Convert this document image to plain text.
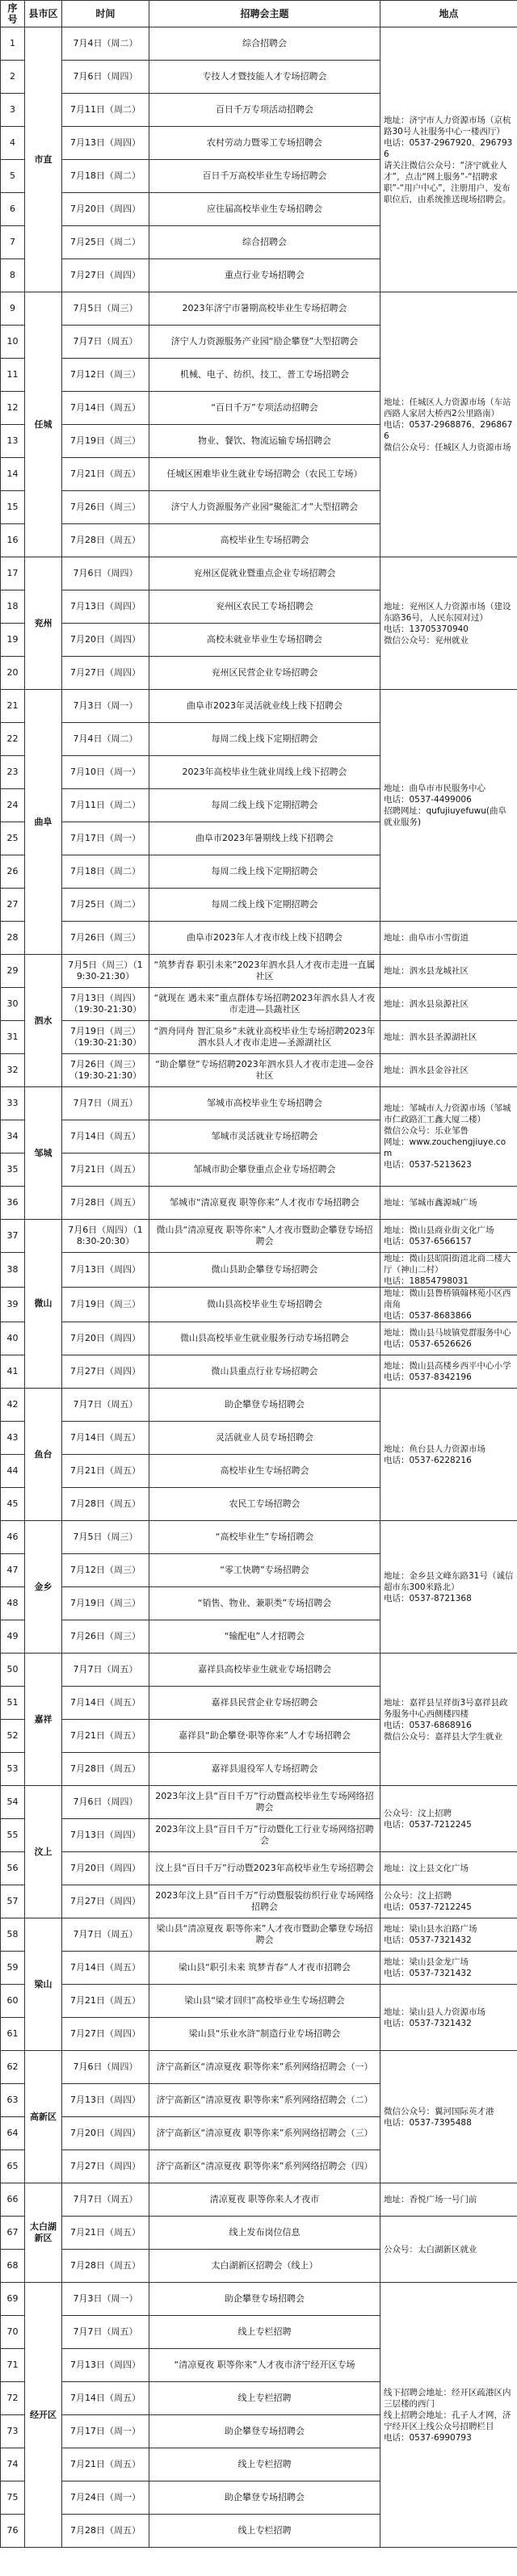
序号	县市区	时间	招聘会主题	地点
1	市直	7月4日（周二）	综合招聘会	地址：济宁市人力资源市场（京杭路30号人社服务中心一楼西厅）
电话：0537-2967920、2967936
请关注微信公众号：“济宁就业人才”，点击“网上服务”-“招聘求职”-“用户中心”，注册用户、发布职位后，由系统推送现场招聘会。
2		7月6日（周四）	专技人才暨技能人才专场招聘会	
3		7月11日（周二）	百日千万专项活动招聘会	
4		7月13日（周四）	农村劳动力暨零工专场招聘会	
5		7月18日（周二）	百日千万高校毕业生专场招聘会	
6		7月20日（周四）	应往届高校毕业生专场招聘会	
7		7月25日（周二）	综合招聘会	
8		7月27日（周四）	重点行业专场招聘会	
9	任城	7月5日（周三）	2023年济宁市暑期高校毕业生专场招聘会	地址：任城区人力资源市场（车站西路人家居大桥西2公里路南）
电话：0537-2968876、2968676
微信公众号：任城区人力资源市场
10		7月7日（周五）	济宁人力资源服务产业园“励企攀登”大型招聘会	
11		7月12日（周三）	机械、电子、纺织、技工、普工专场招聘会	
12		7月14日（周五）	“百日千万”专项活动招聘会	
13		7月19日（周三）	物业、餐饮、物流运输专场招聘会	
14		7月21日（周五）	任城区困难毕业生就业专场招聘会（农民工专场）	
15		7月26日（周三）	济宁人力资源服务产业园“聚能汇才”大型招聘会	
16		7月28日（周五）	高校毕业生专场招聘会	
17	兖州	7月6日（周四）	兖州区促就业暨重点企业专场招聘会	地址：兖州区人力资源市场（建设东路36号，人民东园对过）
电话：13705370940
微信公众号：兖州就业
18		7月13日（周四）	兖州区农民工专场招聘会	
19		7月20日（周四）	高校未就业毕业生专场招聘会	
20		7月27日（周四）	兖州区民营企业专场招聘会	
21	曲阜	7月3日（周一）	曲阜市2023年灵活就业线上线下招聘会	地址：曲阜市市民服务中心
电话：0537-4499006
招聘网址：qufujiuyefuwu(曲阜就业服务)
22		7月4日（周二）	每周二线上线下定期招聘会	
23		7月10日（周一）	2023年高校毕业生就业周线上线下招聘会	
24		7月11日（周二）	每周二线上线下定期招聘会	
25		7月17日（周一）	曲阜市2023年暑期线上线下招聘会	
26		7月18日（周二）	每周二线上线下定期招聘会	
27		7月25日（周二）	每周二线上线下定期招聘会	
28		7月26日（周三）	曲阜市2023年人才夜市线上线下招聘会	地址：曲阜市小雪街道
29	泗水	7月5日（周三）（19:30-21:30）	“筑梦青春 职引未来”2023年泗水县人才夜市走进一直属社区	地址：泗水县龙城社区
30		7月13日（周四）（19:30-21:30）	“就现在 遇未来”重点群体专场招聘2023年泗水县人才夜市走进—县蔬社区	地址：泗水县泉源社区
31		7月19日（周三）（19:30-21:30）	“泗舟同舟 智汇泉乡”未就业高校毕业生专场招聘2023年泗水县人才夜市走进—圣源湖社区	地址：泗水县圣源湖社区
32		7月26日（周三）（19:30-21:30）	“助企攀登”专场招聘2023年泗水县人才夜市走进—金谷社区	地址：泗水县金谷社区
33	邹城	7月7日（周五）	邹城市高校毕业生专场招聘会	地址：邹城市人力资源市场（邹城市仁政路汇工鑫大厦二楼）
微信公众号：乐业邹鲁
网址：www.zouchengjiuye.com
电话：0537-5213623
34		7月14日（周五）	邹城市灵活就业专场招聘会	
35		7月21日（周五）	邹城市助企攀登重点企业专场招聘会	
36		7月28日（周五）	邹城市“清凉夏夜 职等你来”人才夜市专场招聘会	地址：邹城市鑫源城广场
37	微山	7月6日（周四）（18:30-20:30）	微山县“清凉夏夜 职等你来”人才夜市暨助企攀登专场招聘会	地址：微山县商业街文化广场
电话：0537-6566157
38		7月13日（周四）	微山县助企攀登专场招聘会	地址：微山县昭阳街道北商二楼大厅（神山二村）
电话：18854798031
39		7月19日（周三）	微山县高校毕业生专场招聘会	地址：微山县鲁桥镇翰林苑小区西南角
电话：0537-8683866
40		7月20日（周四）	微山县高校毕业生就业服务行动专场招聘会	地址：微山县马坡镇党群服务中心
电话：0537-6526626
41		7月27日（周四）	微山县重点行业专场招聘会	地址：微山县高楼乡西平中心小学
电话：0537-8342196
42	鱼台	7月7日（周五）	助企攀登专场招聘会	地址：鱼台县人力资源市场
电话：0537-6228216
43		7月14日（周五）	灵活就业人员专场招聘会	
44		7月21日（周五）	高校毕业生专场招聘会	
45		7月28日（周五）	农民工专场招聘会	
46	金乡	7月5日（周三）	“高校毕业生”专场招聘会	地址：金乡县文峰东路31号（诚信超市东300米路北）
电话：0537-8721368
47		7月12日（周三）	“零工快聘”专场招聘会	
48		7月19日（周三）	“销售、物业、兼职类”专场招聘会	
49		7月26日（周三）	“输配电”人才招聘会	
50	嘉祥	7月7日（周五）	嘉祥县高校毕业生就业专场招聘会	地址：嘉祥县呈祥街3号嘉祥县政务服务中心西侧楼四楼
电话：0537-6868916
微信公众号：嘉祥县大学生就业
51		7月14日（周五）	嘉祥县民营企业专场招聘会	
52		7月21日（周五）	嘉祥县“助企攀登·职等你来”人才专场招聘会	
53		7月28日（周五）	嘉祥县退役军人专场招聘会	
54	汶上	7月6日（周四）	2023年汶上县“百日千万”行动暨高校毕业生专场网络招聘会	公众号：汶上招聘
电话：0537-7212245
55		7月13日（周四）	2023年汶上县“百日千万”行动暨化工行业专场网络招聘会	
56		7月20日（周四）	汶上县“百日千万”行动暨2023年高校毕业生专场招聘会	地址：汶上县文化广场
57		7月27日（周四）	2023年汶上县“百日千万”行动暨服装纺织行业专场网络招聘会	公众号：汶上招聘
电话：0537-7212245
58	梁山	7月7日（周五）	梁山县“清凉夏夜 职等你来”人才夜市暨助企攀登专场招聘会	地址：梁山县水泊路广场
电话：0537-7321432
59		7月14日（周五）	梁山县“职引未来 筑梦青春”人才夜市招聘会	地址：梁山县金龙广场
电话：0537-7321432
60		7月21日（周五）	梁山县“梁才回归”高校毕业生专场招聘会	地址：梁山县人力资源市场
电话：0537-7321432
61		7月27日（周四）	梁山县“乐业水浒”制造行业专场招聘会	
62	高新区	7月6日（周四）	济宁高新区“清凉夏夜 职等你来”系列网络招聘会（一）	微信公众号：翼河国际英才港
电话：0537-7395488
63		7月13日（周四）	济宁高新区“清凉夏夜 职等你来”系列网络招聘会（二）	
64		7月20日（周四）	济宁高新区“清凉夏夜 职等你来”系列网络招聘会（三）	
65		7月27日（周四）	济宁高新区“清凉夏夜 职等你来”系列网络招聘会（四）	
66	太白湖新区	7月7日（周五）	清凉夏夜 职等你来人才夜市	地址：香悦广场一号门前
67		7月21日（周五）	线上发布岗位信息	公众号：太白湖新区就业
68		7月28日（周五）	太白湖新区招聘会（线上）	
69	经开区	7月3日（周一）	助企攀登专场招聘会	线下招聘会地址：经开区疏港区内三层楼的西门
线上招聘会地址：孔子人才网，济宁经开区上线公众号招聘栏目
电话：0537-6990793
70		7月7日（周五）	线上专栏招聘	
71		7月13日（周四）	“清凉夏夜 职等你来”人才夜市济宁经开区专场	
72		7月14日（周五）	线上专栏招聘	
73		7月17日（周一）	助企攀登专场招聘会	
74		7月21日（周五）	线上专栏招聘	
75		7月24日（周一）	助企攀登专场招聘会	
76		7月28日（周五）	线上专栏招聘	
